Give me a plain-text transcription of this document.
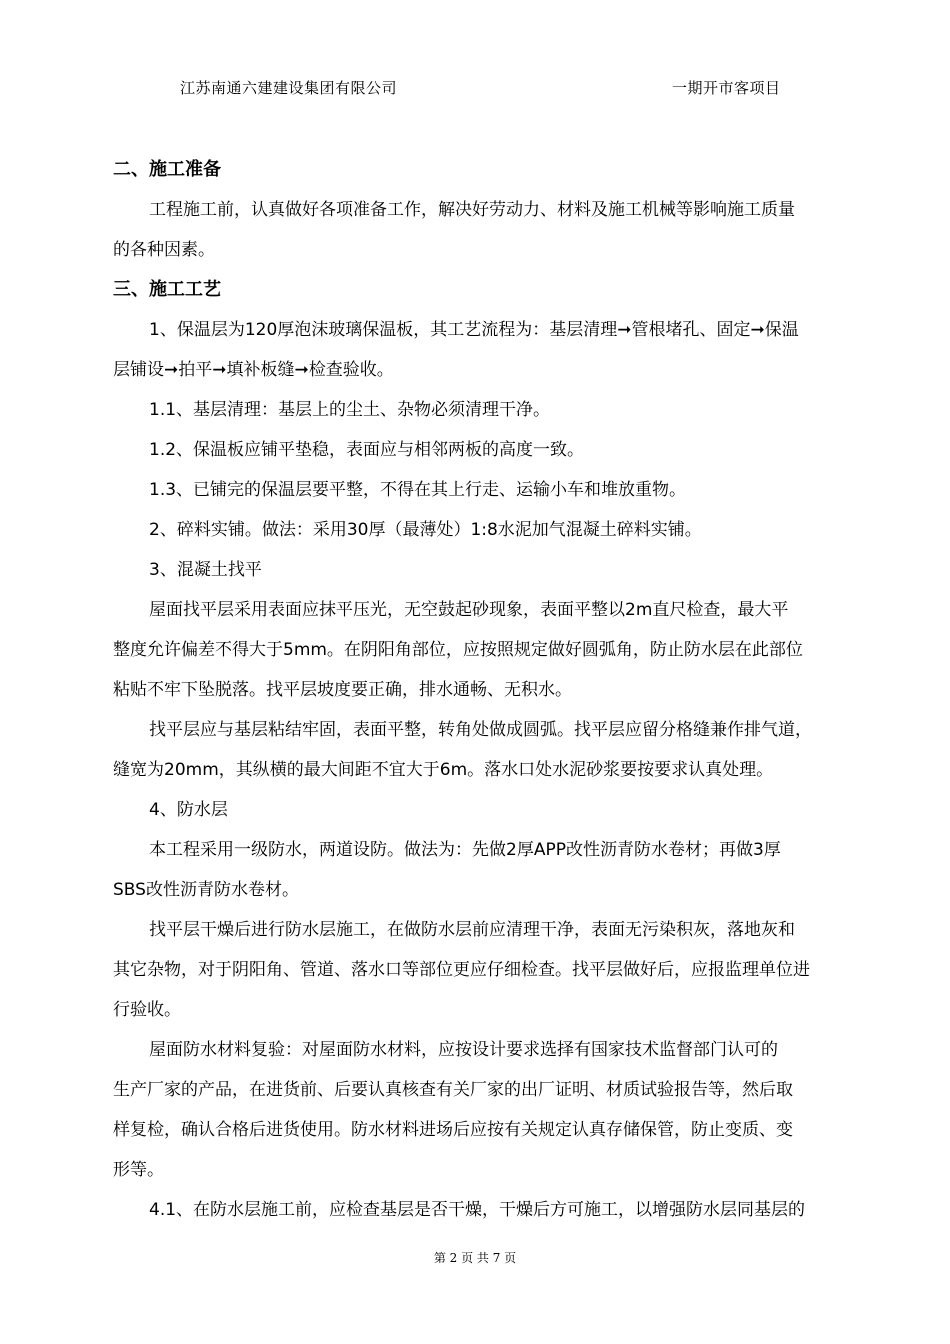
江苏南通六建建设集团有限公司	一期开市客项目
二、施工准备
工程施工前，认真做好各项准备工作，解决好劳动力、材料及施工机械等影响施工质量
的各种因素。
三、施工工艺
1、保温层为120厚泡沫玻璃保温板，其工艺流程为：基层清理➞管根堵孔、固定➞保温
层铺设➞拍平➞填补板缝➞检查验收。
1.1、基层清理：基层上的尘土、杂物必须清理干净。
1.2、保温板应铺平垫稳，表面应与相邻两板的高度一致。
1.3、已铺完的保温层要平整，不得在其上行走、运输小车和堆放重物。
2、碎料实铺。做法：采用30厚（最薄处）1:8水泥加气混凝土碎料实铺。
3、混凝土找平
屋面找平层采用表面应抹平压光，无空鼓起砂现象，表面平整以2m直尺检查，最大平
整度允许偏差不得大于5mm。在阴阳角部位，应按照规定做好圆弧角，防止防水层在此部位
粘贴不牢下坠脱落。找平层坡度要正确，排水通畅、无积水。
找平层应与基层粘结牢固，表面平整，转角处做成圆弧。找平层应留分格缝兼作排气道，
缝宽为20mm，其纵横的最大间距不宜大于6m。落水口处水泥砂浆要按要求认真处理。
4、防水层
本工程采用一级防水，两道设防。做法为：先做2厚APP改性沥青防水卷材；再做3厚
SBS改性沥青防水卷材。
找平层干燥后进行防水层施工，在做防水层前应清理干净，表面无污染积灰，落地灰和
其它杂物，对于阴阳角、管道、落水口等部位更应仔细检查。找平层做好后，应报监理单位进
行验收。
屋面防水材料复验：对屋面防水材料，应按设计要求选择有国家技术监督部门认可的
生产厂家的产品，在进货前、后要认真核查有关厂家的出厂证明、材质试验报告等，然后取
样复检，确认合格后进货使用。防水材料进场后应按有关规定认真存储保管，防止变质、变
形等。
4.1、在防水层施工前，应检查基层是否干燥，干燥后方可施工，以增强防水层同基层的
第 2 页 共 7 页
